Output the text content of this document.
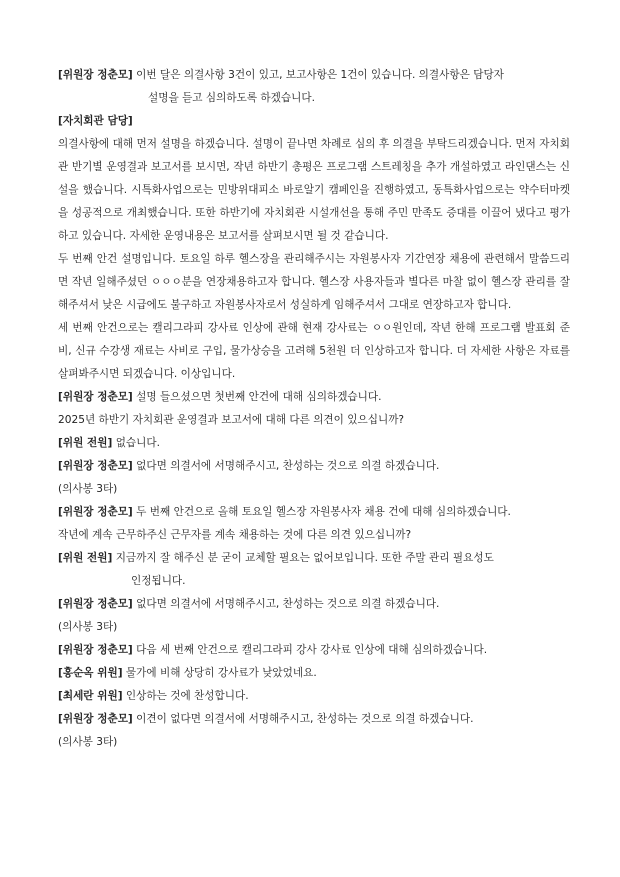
[위원장 정춘모] 이번 달은 의결사항 3건이 있고, 보고사항은 1건이 있습니다. 의결사항은 담당자
설명을 듣고 심의하도록 하겠습니다.
[자치회관 담당]
의결사항에 대해 먼저 설명을 하겠습니다. 설명이 끝나면 차례로 심의 후 의결을 부탁드리겠습니다. 먼저 자치회관 반기별 운영결과 보고서를 보시면, 작년 하반기 총평은 프로그램 스트레칭을 추가 개설하였고 라인댄스는 신설을 했습니다. 시특화사업으로는 민방위대피소 바로알기 캠페인을 진행하였고, 동특화사업으로는 약수터마켓을 성공적으로 개최했습니다. 또한 하반기에 자치회관 시설개선을 통해 주민 만족도 증대를 이끌어 냈다고 평가하고 있습니다. 자세한 운영내용은 보고서를 살펴보시면 될 것 같습니다.
두 번째 안건 설명입니다. 토요일 하루 헬스장을 관리해주시는 자원봉사자 기간연장 채용에 관련해서 말씀드리면 작년 일해주셨던 ㅇㅇㅇ분을 연장채용하고자 합니다. 헬스장 사용자들과 별다른 마찰 없이 헬스장 관리를 잘 해주셔서 낮은 시급에도 불구하고 자원봉사자로서 성실하게 임해주셔서 그대로 연장하고자 합니다.
세 번째 안건으로는 캘리그라피 강사료 인상에 관해 현재 강사료는 ㅇㅇ원인데, 작년 한해 프로그램 발표회 준비, 신규 수강생 재료는 사비로 구입, 물가상승을 고려해 5천원 더 인상하고자 합니다. 더 자세한 사항은 자료를 살펴봐주시면 되겠습니다. 이상입니다.
[위원장 정춘모] 설명 들으셨으면 첫번째 안건에 대해 심의하겠습니다.
2025년 하반기 자치회관 운영결과 보고서에 대해 다른 의견이 있으십니까?
[위원 전원] 없습니다.
[위원장 정춘모] 없다면 의결서에 서명해주시고, 찬성하는 것으로 의결 하겠습니다.
(의사봉 3타)
[위원장 정춘모] 두 번째 안건으로 올해 토요일 헬스장 자원봉사자 채용 건에 대해 심의하겠습니다.
작년에 계속 근무하주신 근무자를 계속 채용하는 것에 다른 의견 있으십니까?
[위원 전원] 지금까지 잘 해주신 분 굳이 교체할 필요는 없어보입니다. 또한 주말 관리 필요성도
인정됩니다.
[위원장 정춘모] 없다면 의결서에 서명해주시고, 찬성하는 것으로 의결 하겠습니다.
(의사봉 3타)
[위원장 정춘모] 다음 세 번째 안건으로 캘리그라피 강사 강사료 인상에 대해 심의하겠습니다.
[홍순옥 위원] 물가에 비해 상당히 강사료가 낮았었네요.
[최세란 위원] 인상하는 것에 찬성합니다.
[위원장 정춘모] 이견이 없다면 의결서에 서명해주시고, 찬성하는 것으로 의결 하겠습니다.
(의사봉 3타)
